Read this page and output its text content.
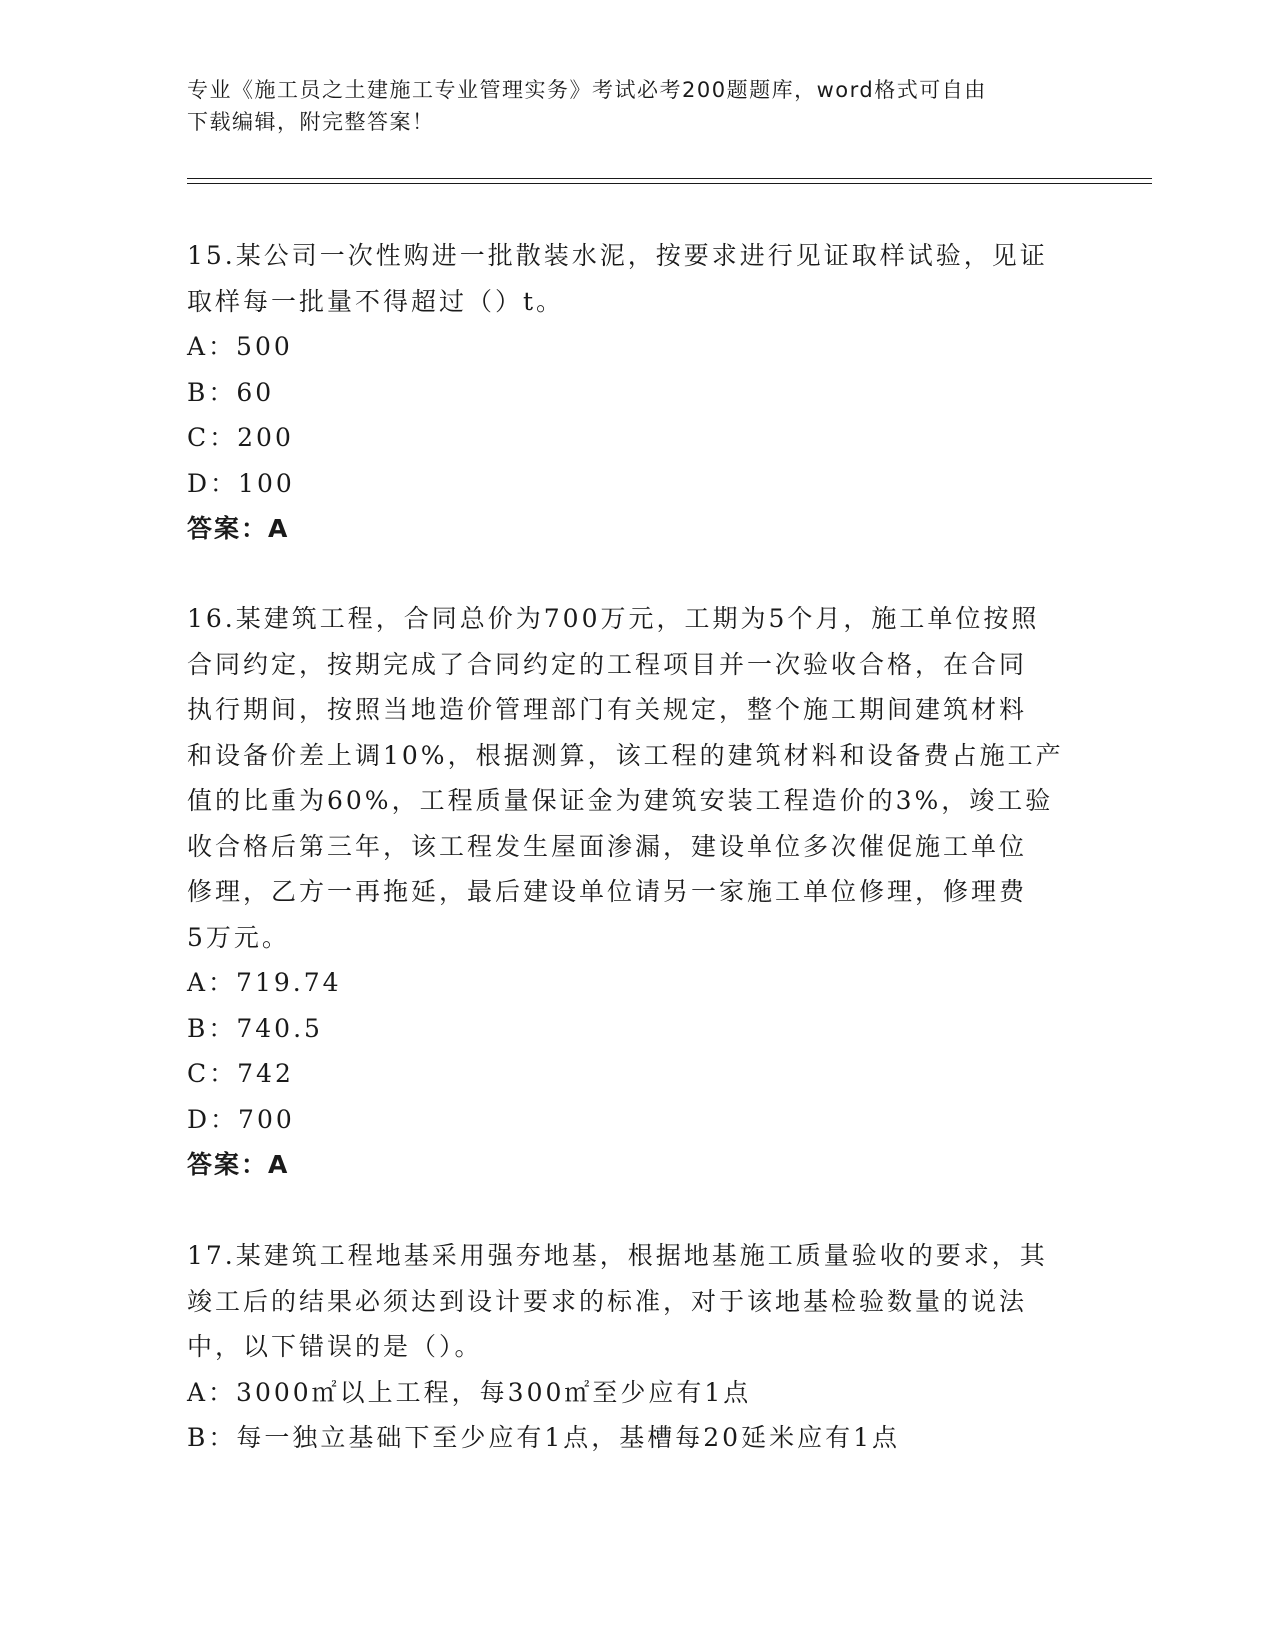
专业《施工员之土建施工专业管理实务》考试必考200题题库，word格式可自由
下载编辑，附完整答案！

15.某公司一次性购进一批散装水泥，按要求进行见证取样试验，见证

取样每一批量不得超过（）t。

A：500

B：60

C：200

D：100

答案：A

16.某建筑工程，合同总价为700万元，工期为5个月，施工单位按照

合同约定，按期完成了合同约定的工程项目并一次验收合格，在合同

执行期间，按照当地造价管理部门有关规定，整个施工期间建筑材料

和设备价差上调10%，根据测算，该工程的建筑材料和设备费占施工产

值的比重为60%，工程质量保证金为建筑安装工程造价的3%，竣工验

收合格后第三年，该工程发生屋面渗漏，建设单位多次催促施工单位

修理，乙方一再拖延，最后建设单位请另一家施工单位修理，修理费

5万元。

A：719.74

B：740.5

C：742

D：700

答案：A

17.某建筑工程地基采用强夯地基，根据地基施工质量验收的要求，其

竣工后的结果必须达到设计要求的标准，对于该地基检验数量的说法

中，以下错误的是（）。

A：3000㎡以上工程，每300㎡至少应有1点

B：每一独立基础下至少应有1点，基槽每20延米应有1点
